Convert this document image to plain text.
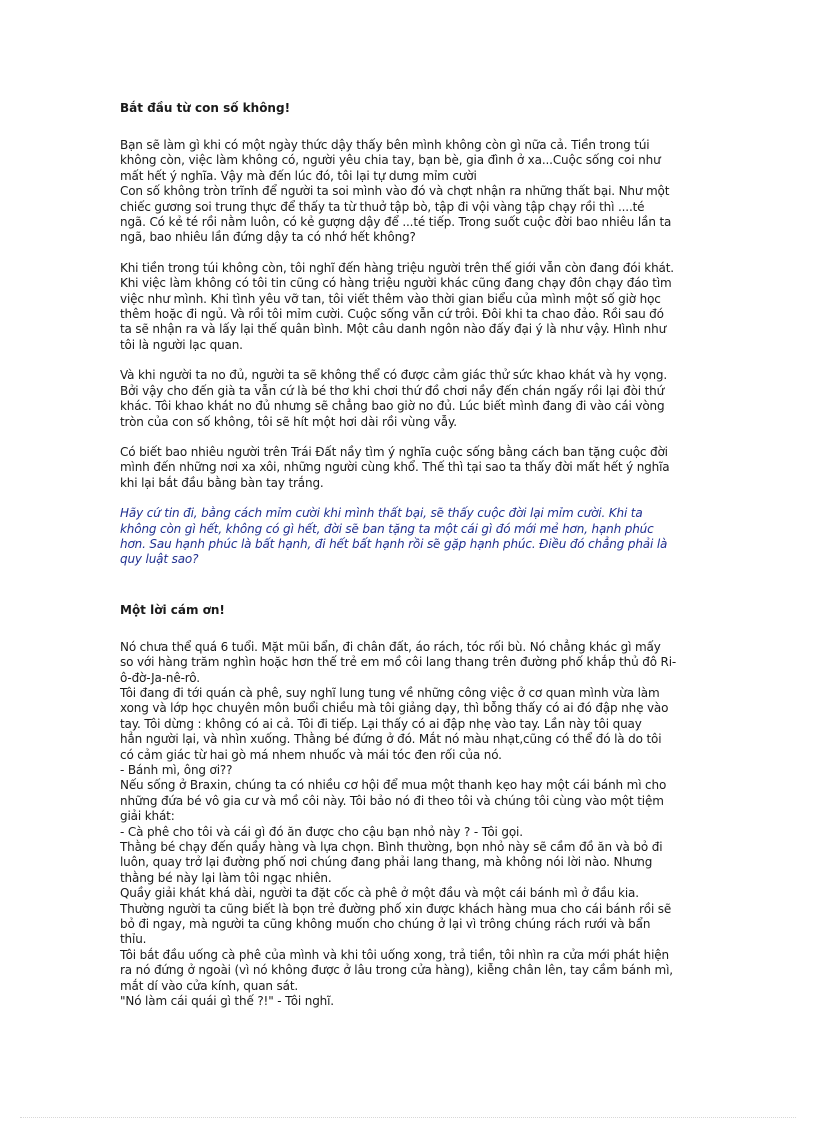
Bắt đầu từ con số không!

Bạn sẽ làm gì khi có một ngày thức dậy thấy bên mình không còn gì nữa cả. Tiền trong túi
không còn, việc làm không có, người yêu chia tay, bạn bè, gia đình ở xa...Cuộc sống coi như
mất hết ý nghĩa. Vậy mà đến lúc đó, tôi lại tự dưng mỉm cười
Con số không tròn trĩnh để người ta soi mình vào đó và chợt nhận ra những thất bại. Như một
chiếc gương soi trung thực để thấy ta từ thuở tập bò, tập đi vội vàng tập chạy rồi thì ....té
ngã. Có kẻ té rồi nằm luôn, có kẻ gượng dậy để ...té tiếp. Trong suốt cuộc đời bao nhiêu lần ta
ngã, bao nhiêu lần đứng dậy ta có nhớ hết không?

Khi tiền trong túi không còn, tôi nghĩ đến hàng triệu người trên thế giới vẫn còn đang đói khát.
Khi việc làm không có tôi tin cũng có hàng triệu người khác cũng đang chạy đôn chạy đáo tìm
việc như mình. Khi tình yêu vỡ tan, tôi viết thêm vào thời gian biểu của mình một số giờ học
thêm hoặc đi ngủ. Và rồi tôi mỉm cười. Cuộc sống vẫn cứ trôi. Đôi khi ta chao đảo. Rồi sau đó
ta sẽ nhận ra và lấy lại thế quân bình. Một câu danh ngôn nào đấy đại ý là như vậy. Hình như
tôi là người lạc quan.

Và khi người ta no đủ, người ta sẽ không thể có được cảm giác thử sức khao khát và hy vọng.
Bởi vậy cho đến già ta vẫn cứ là bé thơ khi chơi thứ đồ chơi nầy đến chán ngấy rồi lại đòi thứ
khác. Tôi khao khát no đủ nhưng sẽ chẳng bao giờ no đủ. Lúc biết mình đang đi vào cái vòng
tròn của con số không, tôi sẽ hít một hơi dài rồi vùng vẫy.

Có biết bao nhiêu người trên Trái Đất nầy tìm ý nghĩa cuộc sống bằng cách ban tặng cuộc đời
mình đến những nơi xa xôi, những người cùng khổ. Thế thì tại sao ta thấy đời mất hết ý nghĩa
khi lại bắt đầu bằng bàn tay trắng.

Hãy cứ tin đi, bằng cách mỉm cười khi mình thất bại, sẽ thấy cuộc đời lại mỉm cười. Khi ta
không còn gì hết, không có gì hết, đời sẽ ban tặng ta một cái gì đó mới mẻ hơn, hạnh phúc
hơn. Sau hạnh phúc là bất hạnh, đi hết bất hạnh rồi sẽ gặp hạnh phúc. Điều đó chẳng phải là
quy luật sao?

Một lời cám ơn!

Nó chưa thể quá 6 tuổi. Mặt mũi bẩn, đi chân đất, áo rách, tóc rối bù. Nó chẳng khác gì mấy
so với hàng trăm nghìn hoặc hơn thế trẻ em mồ côi lang thang trên đường phố khắp thủ đô Ri-
ô-đờ-Ja-nê-rô.
Tôi đang đi tới quán cà phê, suy nghĩ lung tung về những công việc ở cơ quan mình vừa làm
xong và lớp học chuyên môn buổi chiều mà tôi giảng dạy, thì bỗng thấy có ai đó đập nhẹ vào
tay. Tôi dừng : không có ai cả. Tôi đi tiếp. Lại thấy có ai đập nhẹ vào tay. Lần này tôi quay
hẳn người lại, và nhìn xuống. Thằng bé đứng ở đó. Mắt nó màu nhạt,cũng có thể đó là do tôi
có cảm giác từ hai gò má nhem nhuốc và mái tóc đen rối của nó.
- Bánh mì, ông ơi??
Nếu sống ở Braxin, chúng ta có nhiều cơ hội để mua một thanh kẹo hay một cái bánh mì cho
những đứa bé vô gia cư và mồ côi này. Tôi bảo nó đi theo tôi và chúng tôi cùng vào một tiệm
giải khát:
- Cà phê cho tôi và cái gì đó ăn được cho cậu bạn nhỏ này ? - Tôi gọi.
Thằng bé chạy đến quầy hàng và lựa chọn. Bình thường, bọn nhỏ này sẽ cầm đồ ăn và bỏ đi
luôn, quay trở lại đường phố nơi chúng đang phải lang thang, mà không nói lời nào. Nhưng
thằng bé này lại làm tôi ngạc nhiên.
Quầy giải khát khá dài, người ta đặt cốc cà phê ở một đầu và một cái bánh mì ở đầu kia.
Thường người ta cũng biết là bọn trẻ đường phố xin được khách hàng mua cho cái bánh rồi sẽ
bỏ đi ngay, mà người ta cũng không muốn cho chúng ở lại vì trông chúng rách rưới và bẩn
thỉu.
Tôi bắt đầu uống cà phê của mình và khi tôi uống xong, trả tiền, tôi nhìn ra cửa mới phát hiện
ra nó đứng ở ngoài (vì nó không được ở lâu trong cửa hàng), kiễng chân lên, tay cầm bánh mì,
mắt dí vào cửa kính, quan sát.
"Nó làm cái quái gì thế ?!" - Tôi nghĩ.
